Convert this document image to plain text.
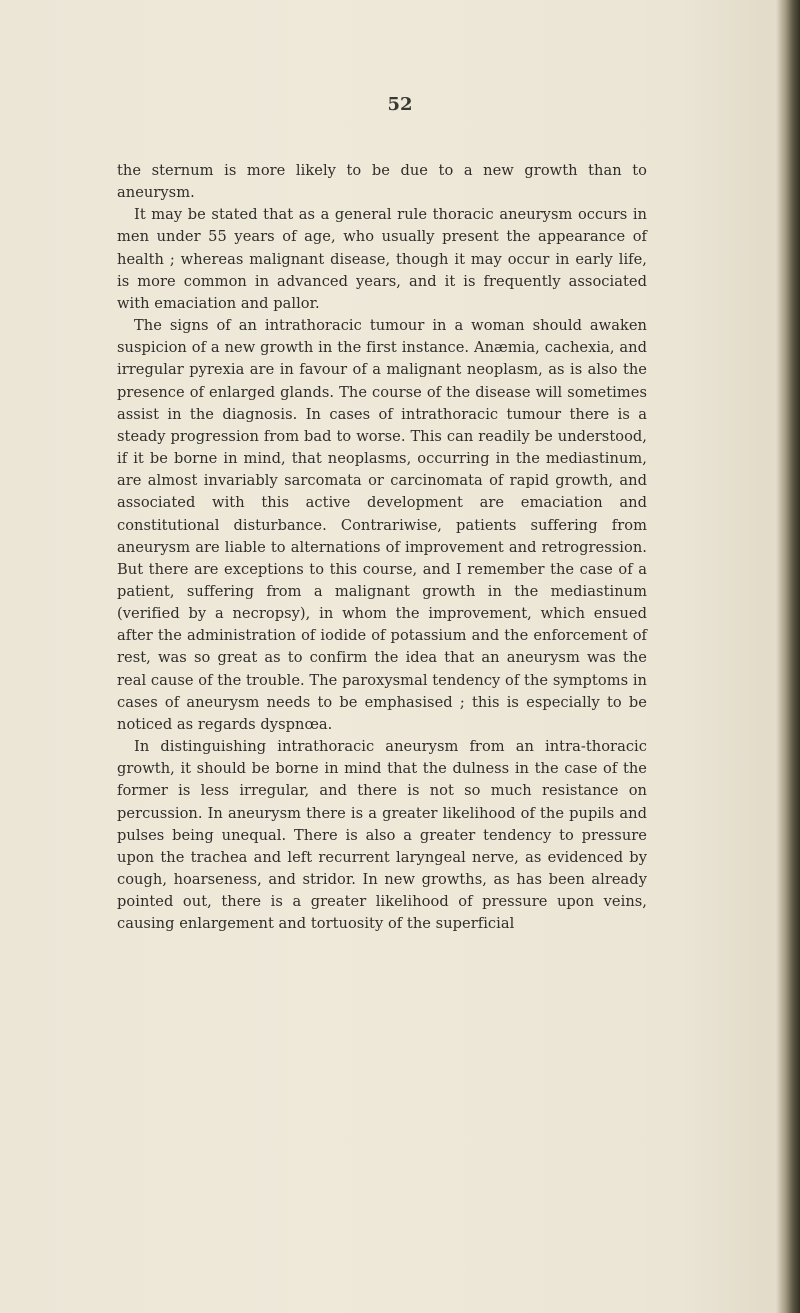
52

the sternum is more likely to be due to a new growth than to aneurysm.

It may be stated that as a general rule thoracic aneurysm occurs in men under 55 years of age, who usually present the appearance of health ; whereas malignant disease, though it may occur in early life, is more common in advanced years, and it is frequently associated with emaciation and pallor.

The signs of an intrathoracic tumour in a woman should awaken suspicion of a new growth in the first instance. Anæmia, cachexia, and irregular pyrexia are in favour of a malignant neoplasm, as is also the presence of enlarged glands. The course of the disease will sometimes assist in the diagnosis. In cases of intrathoracic tumour there is a steady progression from bad to worse. This can readily be understood, if it be borne in mind, that neoplasms, occurring in the mediastinum, are almost invariably sarcomata or carcinomata of rapid growth, and associated with this active development are emaciation and constitutional disturbance. Contrariwise, patients suffering from aneurysm are liable to alternations of improvement and retrogression. But there are exceptions to this course, and I remember the case of a patient, suffering from a malignant growth in the mediastinum (verified by a necropsy), in whom the improvement, which ensued after the administration of iodide of potassium and the enforcement of rest, was so great as to confirm the idea that an aneurysm was the real cause of the trouble. The paroxysmal tendency of the symptoms in cases of aneurysm needs to be emphasised ; this is especially to be noticed as regards dyspnœa.

In distinguishing intrathoracic aneurysm from an intra-thoracic growth, it should be borne in mind that the dulness in the case of the former is less irregular, and there is not so much resistance on percussion. In aneurysm there is a greater likelihood of the pupils and pulses being unequal. There is also a greater tendency to pressure upon the trachea and left recurrent laryngeal nerve, as evidenced by cough, hoarseness, and stridor. In new growths, as has been already pointed out, there is a greater likelihood of pressure upon veins, causing enlargement and tortuosity of the superficial
